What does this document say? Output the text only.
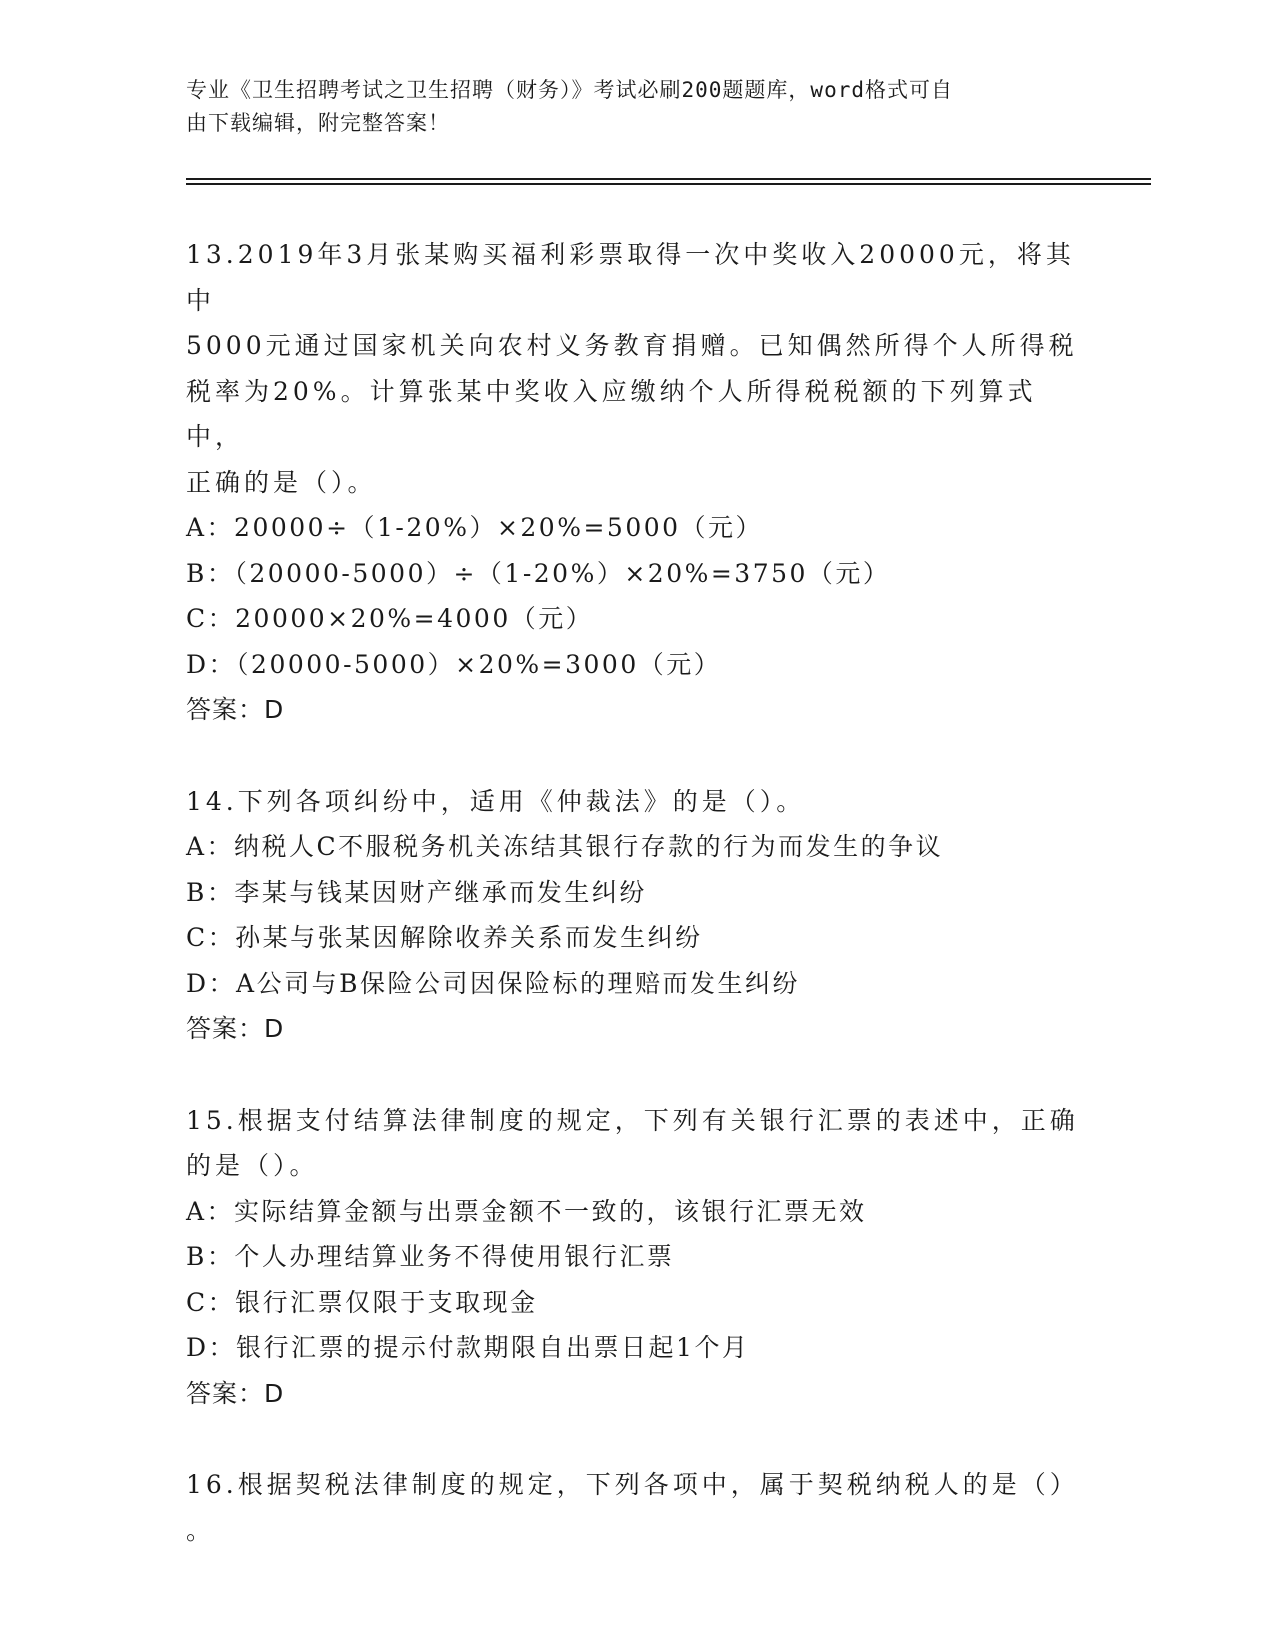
专业《卫生招聘考试之卫生招聘（财务）》考试必刷200题题库，word格式可自
由下载编辑，附完整答案！

13.2019年3月张某购买福利彩票取得一次中奖收入20000元，将其中

5000元通过国家机关向农村义务教育捐赠。已知偶然所得个人所得税

税率为20%。计算张某中奖收入应缴纳个人所得税税额的下列算式中，

正确的是（）。

A：20000÷（1-20%）×20%=5000（元）

B：（20000-5000）÷（1-20%）×20%=3750（元）

C：20000×20%=4000（元）

D：（20000-5000）×20%=3000（元）

答案：D

14.下列各项纠纷中，适用《仲裁法》的是（）。

A：纳税人C不服税务机关冻结其银行存款的行为而发生的争议

B：李某与钱某因财产继承而发生纠纷

C：孙某与张某因解除收养关系而发生纠纷

D：A公司与B保险公司因保险标的理赔而发生纠纷

答案：D

15.根据支付结算法律制度的规定，下列有关银行汇票的表述中，正确

的是（）。

A：实际结算金额与出票金额不一致的，该银行汇票无效

B：个人办理结算业务不得使用银行汇票

C：银行汇票仅限于支取现金

D：银行汇票的提示付款期限自出票日起1个月

答案：D

16.根据契税法律制度的规定，下列各项中，属于契税纳税人的是（）

。
